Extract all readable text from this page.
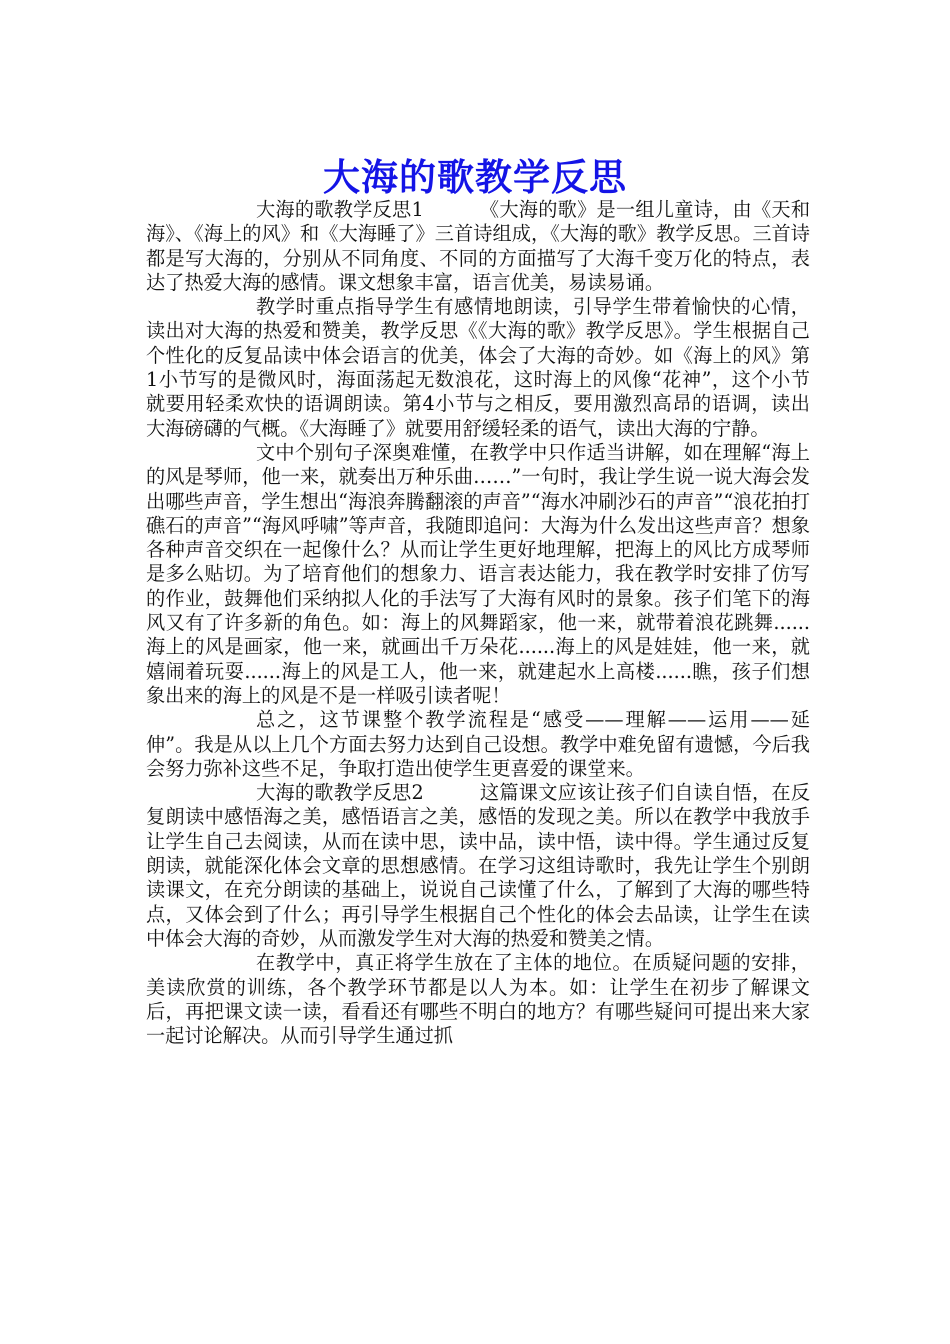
大海的歌教学反思

大海的歌教学反思1	《大海的歌》是一组儿童诗，由《天和海》、《海上的风》和《大海睡了》三首诗组成，《大海的歌》教学反思。三首诗都是写大海的，分别从不同角度、不同的方面描写了大海千变万化的特点，表达了热爱大海的感情。课文想象丰富，语言优美，易读易诵。

教学时重点指导学生有感情地朗读，引导学生带着愉快的心情，读出对大海的热爱和赞美，教学反思《《大海的歌》教学反思》。学生根据自己个性化的反复品读中体会语言的优美，体会了大海的奇妙。如《海上的风》第1小节写的是微风时，海面荡起无数浪花，这时海上的风像“花神”，这个小节就要用轻柔欢快的语调朗读。第4小节与之相反，要用激烈高昂的语调，读出大海磅礴的气概。《大海睡了》就要用舒缓轻柔的语气，读出大海的宁静。

文中个别句子深奥难懂，在教学中只作适当讲解，如在理解“海上的风是琴师，他一来，就奏出万种乐曲……”一句时，我让学生说一说大海会发出哪些声音，学生想出“海浪奔腾翻滚的声音”“海水冲刷沙石的声音”“浪花拍打礁石的声音”“海风呼啸”等声音，我随即追问：大海为什么发出这些声音？想象各种声音交织在一起像什么？从而让学生更好地理解，把海上的风比方成琴师是多么贴切。为了培育他们的想象力、语言表达能力，我在教学时安排了仿写的作业，鼓舞他们采纳拟人化的手法写了大海有风时的景象。孩子们笔下的海风又有了许多新的角色。如：海上的风舞蹈家，他一来，就带着浪花跳舞......海上的风是画家，他一来，就画出千万朵花......海上的风是娃娃，他一来，就嬉闹着玩耍......海上的风是工人，他一来，就建起水上高楼......瞧，孩子们想象出来的海上的风是不是一样吸引读者呢！

总之，这节课整个教学流程是“感受——理解——运用——延伸”。我是从以上几个方面去努力达到自己设想。教学中难免留有遗憾，今后我会努力弥补这些不足，争取打造出使学生更喜爱的课堂来。

大海的歌教学反思2	这篇课文应该让孩子们自读自悟，在反复朗读中感悟海之美，感悟语言之美，感悟的发现之美。所以在教学中我放手让学生自己去阅读，从而在读中思，读中品，读中悟，读中得。学生通过反复朗读，就能深化体会文章的思想感情。在学习这组诗歌时，我先让学生个别朗读课文，在充分朗读的基础上，说说自己读懂了什么，了解到了大海的哪些特点，又体会到了什么；再引导学生根据自己个性化的体会去品读，让学生在读中体会大海的奇妙，从而激发学生对大海的热爱和赞美之情。

在教学中，真正将学生放在了主体的地位。在质疑问题的安排，美读欣赏的训练，各个教学环节都是以人为本。如：让学生在初步了解课文后，再把课文读一读，看看还有哪些不明白的地方？有哪些疑问可提出来大家一起讨论解决。从而引导学生通过抓
